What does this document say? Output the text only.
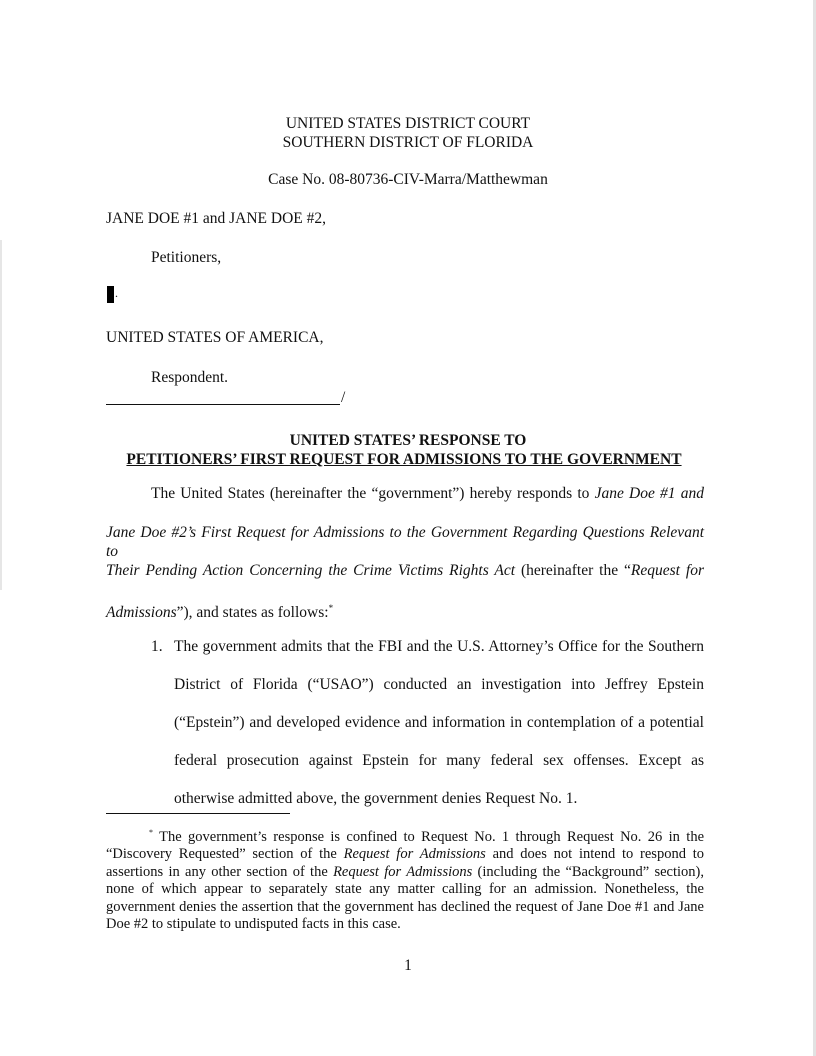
UNITED STATES DISTRICT COURT
SOUTHERN DISTRICT OF FLORIDA
Case No. 08-80736-CIV-Marra/Matthewman
JANE DOE #1 and JANE DOE #2,
Petitioners,
.
UNITED STATES OF AMERICA,
Respondent.
/
UNITED STATES’ RESPONSE TO
PETITIONERS’ FIRST REQUEST FOR ADMISSIONS TO THE GOVERNMENT
The United States (hereinafter the “government”) hereby responds to Jane Doe #1 and
Jane Doe #2’s First Request for Admissions to the Government Regarding Questions Relevant to
Their Pending Action Concerning the Crime Victims Rights Act (hereinafter the “Request for
Admissions”), and states as follows:*
1. The government admits that the FBI and the U.S. Attorney’s Office for the Southern
District of Florida (“USAO”) conducted an investigation into Jeffrey Epstein
(“Epstein”) and developed evidence and information in contemplation of a potential
federal prosecution against Epstein for many federal sex offenses. Except as
otherwise admitted above, the government denies Request No. 1.
* The government’s response is confined to Request No. 1 through Request No. 26 in the “Discovery Requested” section of the Request for Admissions and does not intend to respond to assertions in any other section of the Request for Admissions (including the “Background” section), none of which appear to separately state any matter calling for an admission. Nonetheless, the government denies the assertion that the government has declined the request of Jane Doe #1 and Jane Doe #2 to stipulate to undisputed facts in this case.
1
